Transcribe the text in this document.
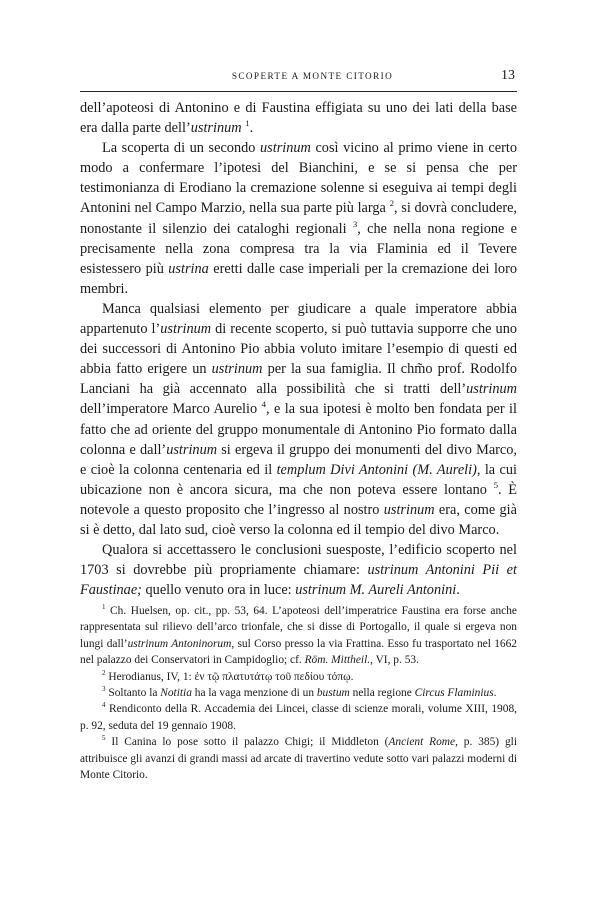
SCOPERTE A MONTE CITORIO	13

dell’apoteosi di Antonino e di Faustina effigiata su uno dei lati della base era dalla parte dell’ustrinum $^1$.

La scoperta di un secondo ustrinum così vicino al primo viene in certo modo a confermare l’ipotesi del Bianchini, e se si pensa che per testimonianza di Erodiano la cremazione solenne si eseguiva ai tempi degli Antonini nel Campo Marzio, nella sua parte più larga $^2$, si dovrà concludere, nonostante il silenzio dei cataloghi regionali $^3$, che nella nona regione e precisamente nella zona compresa tra la via Flaminia ed il Tevere esistessero più ustrina eretti dalle case imperiali per la cremazione dei loro membri.

Manca qualsiasi elemento per giudicare a quale imperatore abbia appartenuto l’ustrinum di recente scoperto, si può tuttavia supporre che uno dei successori di Antonino Pio abbia voluto imitare l’esempio di questi ed abbia fatto erigere un ustrinum per la sua famiglia. Il chm̃o prof. Rodolfo Lanciani ha già accennato alla possibilità che si tratti dell’ustrinum dell’imperatore Marco Aurelio $^4$, e la sua ipotesi è molto ben fondata per il fatto che ad oriente del gruppo monumentale di Antonino Pio formato dalla colonna e dall’ustrinum si ergeva il gruppo dei monumenti del divo Marco, e cioè la colonna centenaria ed il templum Divi Antonini (M. Aureli), la cui ubicazione non è ancora sicura, ma che non poteva essere lontano $^5$. È notevole a questo proposito che l’ingresso al nostro ustrinum era, come già si è detto, dal lato sud, cioè verso la colonna ed il tempio del divo Marco.

Qualora si accettassero le conclusioni suesposte, l’edificio scoperto nel 1703 si dovrebbe più propriamente chiamare: ustrinum Antonini Pii et Faustinae; quello venuto ora in luce: ustrinum M. Aureli Antonini.

$^1$ Ch. Huelsen, op. cit., pp. 53, 64. L’apoteosi dell’imperatrice Faustina era forse anche rappresentata sul rilievo dell’arco trionfale, che si disse di Portogallo, il quale si ergeva non lungi dall’ustrinum Antoninorum, sul Corso presso la via Frattina. Esso fu trasportato nel 1662 nel palazzo dei Conservatori in Campidoglio; cf. Röm. Mittheil., VI, p. 53.

$^2$ Herodianus, IV, 1: ἐν τῷ πλατυτάτῳ τοῦ πεδίου τόπῳ.

$^3$ Soltanto la Notitia ha la vaga menzione di un bustum nella regione Circus Flaminius.

$^4$ Rendiconto della R. Accademia dei Lincei, classe di scienze morali, volume XIII, 1908, p. 92, seduta del 19 gennaio 1908.

$^5$ Il Canina lo pose sotto il palazzo Chigi; il Middleton (Ancient Rome, p. 385) gli attribuisce gli avanzi di grandi massi ad arcate di travertino vedute sotto vari palazzi moderni di Monte Citorio.
